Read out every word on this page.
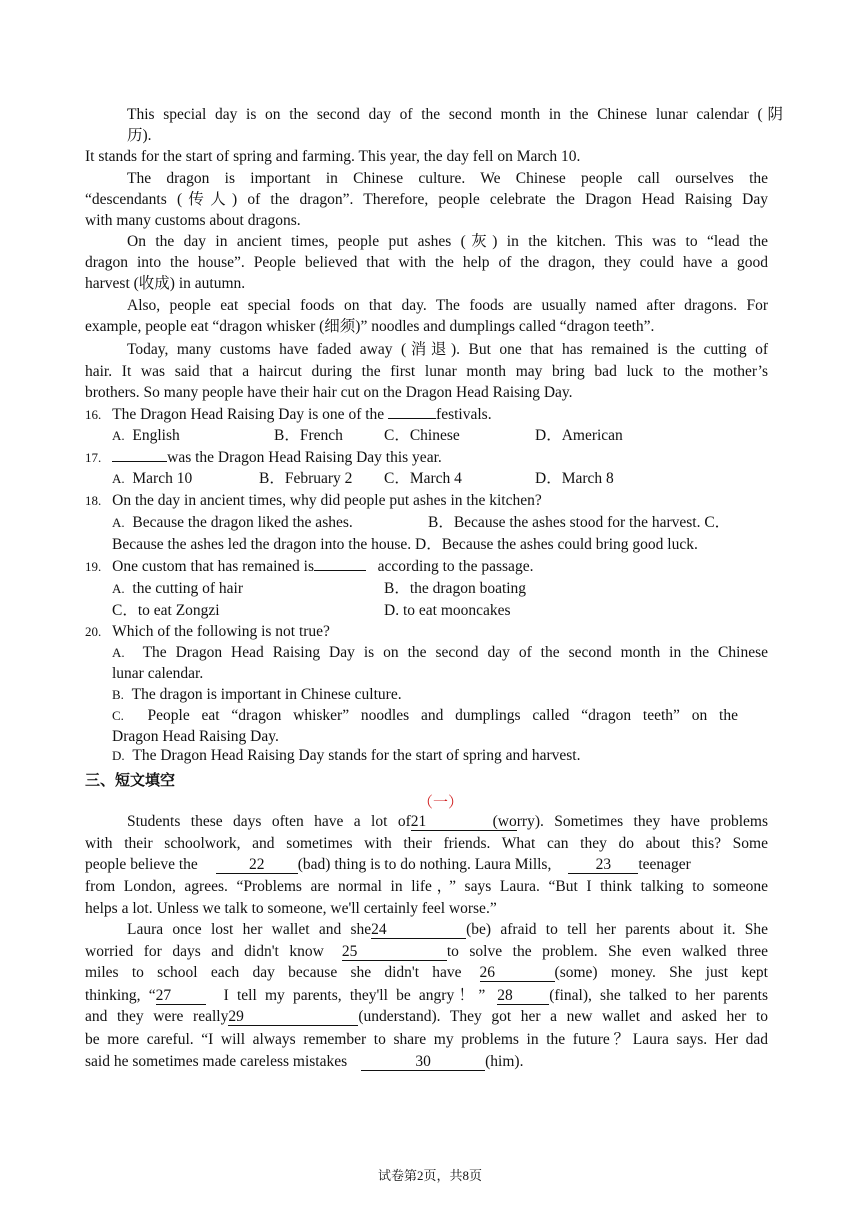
This special day is on the second day of the second month in the Chinese lunar calendar (阴
历).
It stands for the start of spring and farming. This year, the day fell on March 10.
The dragon is important in Chinese culture. We Chinese people call ourselves the
“descendants (传人) of the dragon”. Therefore, people celebrate the Dragon Head Raising Day
with many customs about dragons.
On the day in ancient times, people put ashes (灰) in the kitchen. This was to “lead the
dragon into the house”. People believed that with the help of the dragon, they could have a good
harvest (收成) in autumn.
Also, people eat special foods on that day. The foods are usually named after dragons. For
example, people eat “dragon whisker (细须)” noodles and dumplings called “dragon teeth”.
Today, many customs have faded away (消退). But one that has remained is the cutting of
hair. It was said that a haircut during the first lunar month may bring bad luck to the mother’s
brothers. So many people have their hair cut on the Dragon Head Raising Day.
16. The Dragon Head Raising Day is one of the	festivals.
A. English	B．French	C．Chinese	D．American
17.	was the Dragon Head Raising Day this year.
A. March 10	B．February 2 C．March 4	D．March 8
18. On the day in ancient times, why did people put ashes in the kitchen?
A. Because the dragon liked the ashes.	B．Because the ashes stood for the harvest. C．
Because the ashes led the dragon into the house. D．Because the ashes could bring good luck.
19. One custom that has remained is	according to the passage.
A. the cutting of hair	B．the dragon boating
C．to eat Zongzi	D. to eat mooncakes
20. Which of the following is not true?
A. The Dragon Head Raising Day is on the second day of the second month in the Chinese
lunar calendar.
B. The dragon is important in Chinese culture.
C. People eat “dragon whisker” noodles and dumplings called “dragon teeth” on the
Dragon Head Raising Day.
D. The Dragon Head Raising Day stands for the start of spring and harvest.
三、短文填空
（一）
Students these days often have a lot of21 (worry). Sometimes they have problems
with their schoolwork, and sometimes with their friends. What can they do about this? Some
people believe the	22 (bad) thing is to do nothing. Laura Mills,	23 teenager
from London, agrees. “Problems are normal in life，” says Laura. “But I think talking to someone
helps a lot. Unless we talk to someone, we'll certainly feel worse.”
Laura once lost her wallet and she24	(be) afraid to tell her parents about it. She
worried for days and didn't know 25	to solve the problem. She even walked three
miles to school each day because she didn't have 26	(some) money. She just kept
thinking, “27	I tell my parents, they'll be angry！” 28 (final), she talked to her parents
and they were really29	(understand). They got her a new wallet and asked her to
be more careful. “I will always remember to share my problems in the future？Laura says. Her dad
said he sometimes made careless mistakes	30	(him).
试卷第2页，共8页
